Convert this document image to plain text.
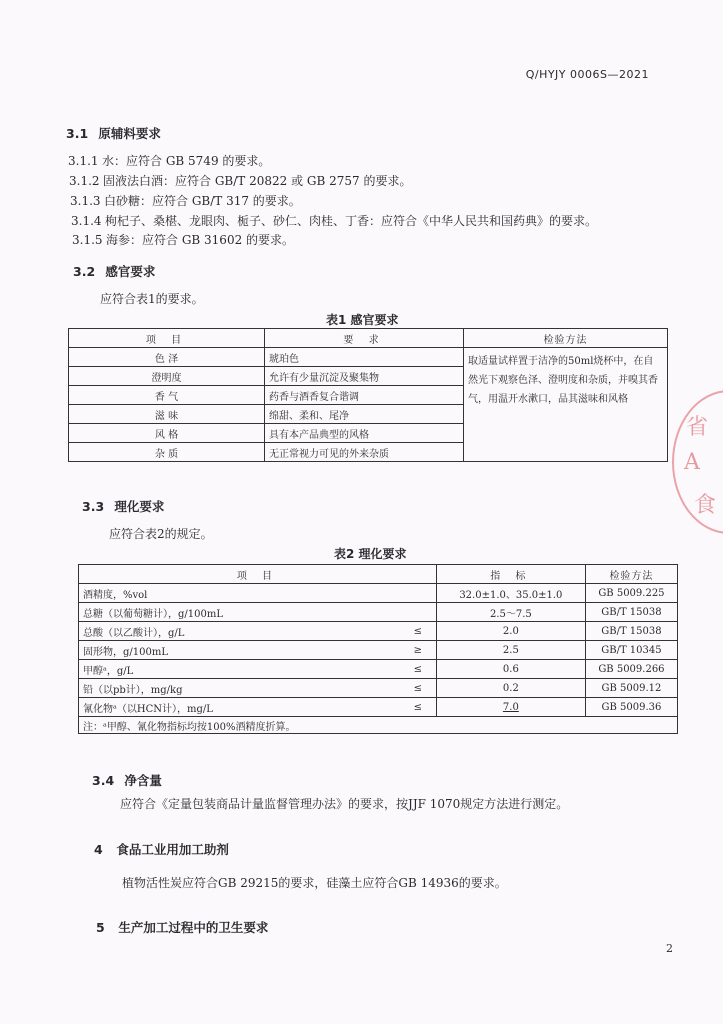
Q/HYJY 0006S—2021
3.1 原辅料要求
3.1.1 水：应符合 GB 5749 的要求。
3.1.2 固液法白酒：应符合 GB/T 20822 或 GB 2757 的要求。
3.1.3 白砂糖：应符合 GB/T 317 的要求。
3.1.4 枸杞子、桑椹、龙眼肉、栀子、砂仁、肉桂、丁香：应符合《中华人民共和国药典》的要求。
3.1.5 海参：应符合 GB 31602 的要求。
3.2 感官要求
应符合表1的要求。
表1 感官要求
项 目	要 求	检验方法
色 泽	琥珀色	取适量试样置于洁净的50ml烧杯中，在自然光下观察色泽、澄明度和杂质，并嗅其香气，用温开水漱口，品其滋味和风格
澄明度	允许有少量沉淀及聚集物	
香 气	药香与酒香复合谐调	
滋 味	绵甜、柔和、尾净	
风 格	具有本产品典型的风格	
杂 质	无正常视力可见的外来杂质	
3.3 理化要求
应符合表2的规定。
表2 理化要求
项 目		指 标	检验方法
酒精度，%vol		32.0±1.0、35.0±1.0	GB 5009.225
总糖（以葡萄糖计），g/100mL		2.5～7.5	GB/T 15038
总酸（以乙酸计），g/L	≤	2.0	GB/T 15038
固形物，g/100mL	≥	2.5	GB/T 10345
甲醇ᵃ，g/L	≤	0.6	GB 5009.266
铅（以pb计），mg/kg	≤	0.2	GB 5009.12
氰化物ᵃ（以HCN计），mg/L	≤	7.0	GB 5009.36
注：ᵃ甲醇、氰化物指标均按100%酒精度折算。			
3.4 净含量
应符合《定量包装商品计量监督管理办法》的要求，按JJF 1070规定方法进行测定。
4 食品工业用加工助剂
植物活性炭应符合GB 29215的要求，硅藻土应符合GB 14936的要求。
5 生产加工过程中的卫生要求
省
A
食
2
